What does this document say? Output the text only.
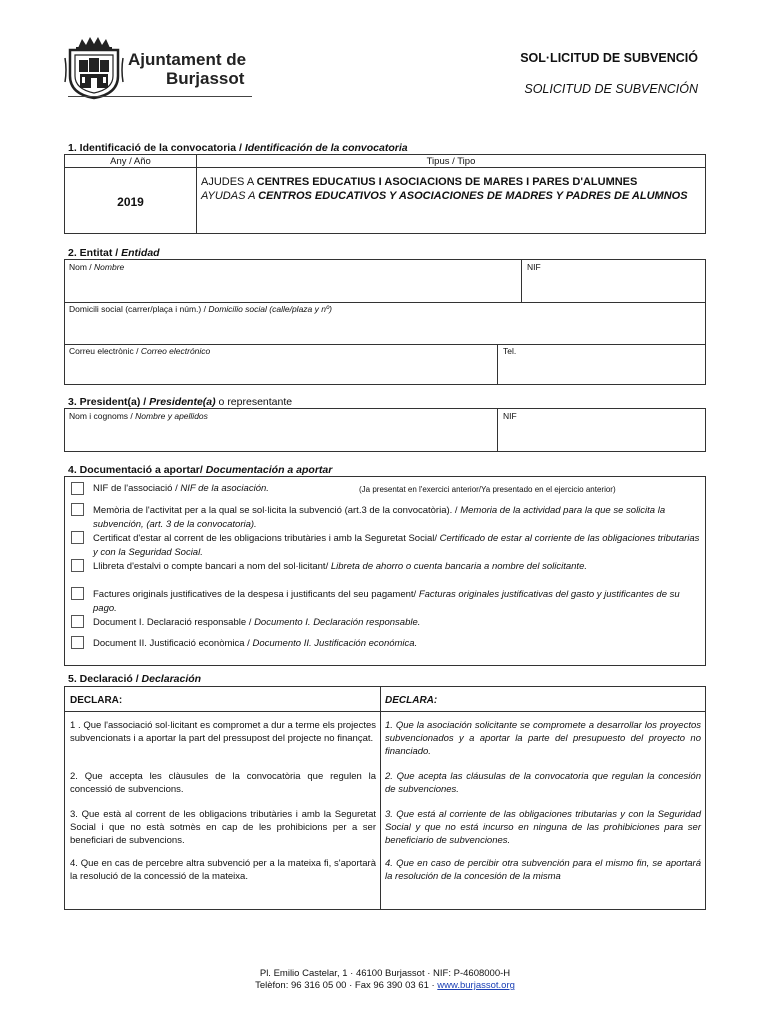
Ajuntament de
Burjassot
SOL·LICITUD DE SUBVENCIÓ
SOLICITUD DE SUBVENCIÓN
1. Identificació de la convocatoria / Identificación de la convocatoria
Any / Año	Tipus / Tipo
2019
AJUDES A CENTRES EDUCATIUS I ASOCIACIONS DE MARES I PARES D'ALUMNES
AYUDAS A CENTROS EDUCATIVOS Y ASOCIACIONES DE MADRES Y PADRES DE ALUMNOS
2. Entitat / Entidad
Nom / Nombre	NIF
Domicili social (carrer/plaça i núm.) / Domicilio social (calle/plaza y nº)
Correu electrònic / Correo electrónico	Tel.
3. President(a) / Presidente(a) o representante
Nom i cognoms / Nombre y apellidos	NIF
4. Documentació a aportar/ Documentación a aportar
NIF de l'associació / NIF de la asociación.	(Ja presentat en l'exercici anterior/Ya presentado en el ejercicio anterior)
Memòria de l'activitat per a la qual se sol·licita la subvenció (art.3 de la convocatòria). / Memoria de la actividad para la que se solicita la subvención, (art. 3 de la convocatoria).
Certificat d'estar al corrent de les obligacions tributàries i amb la Seguretat Social/ Certificado de estar al corriente de las obligaciones tributarias y con la Seguridad Social.
Llibreta d'estalvi o compte bancari a nom del sol·licitant/ Libreta de ahorro o cuenta bancaria a nombre del solicitante.
Factures originals justificatives de la despesa i justificants del seu pagament/ Facturas originales justificativas del gasto y justificantes de su pago.
Document I. Declaració responsable / Documento I. Declaración responsable.
Document II. Justificació econòmica / Documento II. Justificación económica.
5. Declaració / Declaración
DECLARA:	DECLARA:
1 . Que l'associació sol·licitant es compromet a dur a terme els projectes subvencionats i a aportar la part del pressupost del projecte no finançat.
1. Que la asociación solicitante se compromete a desarrollar los proyectos subvencionados y a aportar la parte del presupuesto del proyecto no financiado.
2. Que accepta les clàusules de la convocatòria que regulen la concessió de subvencions.
2. Que acepta las cláusulas de la convocatoria que regulan la concesión de subvenciones.
3. Que està al corrent de les obligacions tributàries i amb la Seguretat Social i que no està sotmès en cap de les prohibicions per a ser beneficiari de subvencions.
3. Que está al corriente de las obligaciones tributarias y con la Seguridad Social y que no está incurso en ninguna de las prohibiciones para ser beneficiario de subvenciones.
4. Que en cas de percebre altra subvenció per a la mateixa fi, s'aportarà la resolució de la concessió de la mateixa.
4. Que en caso de percibir otra subvención para el mismo fin, se aportará la resolución de la concesión de la misma
Pl. Emilio Castelar, 1 · 46100 Burjassot · NIF: P-4608000-H
Telèfon: 96 316 05 00 · Fax 96 390 03 61 · www.burjassot.org
